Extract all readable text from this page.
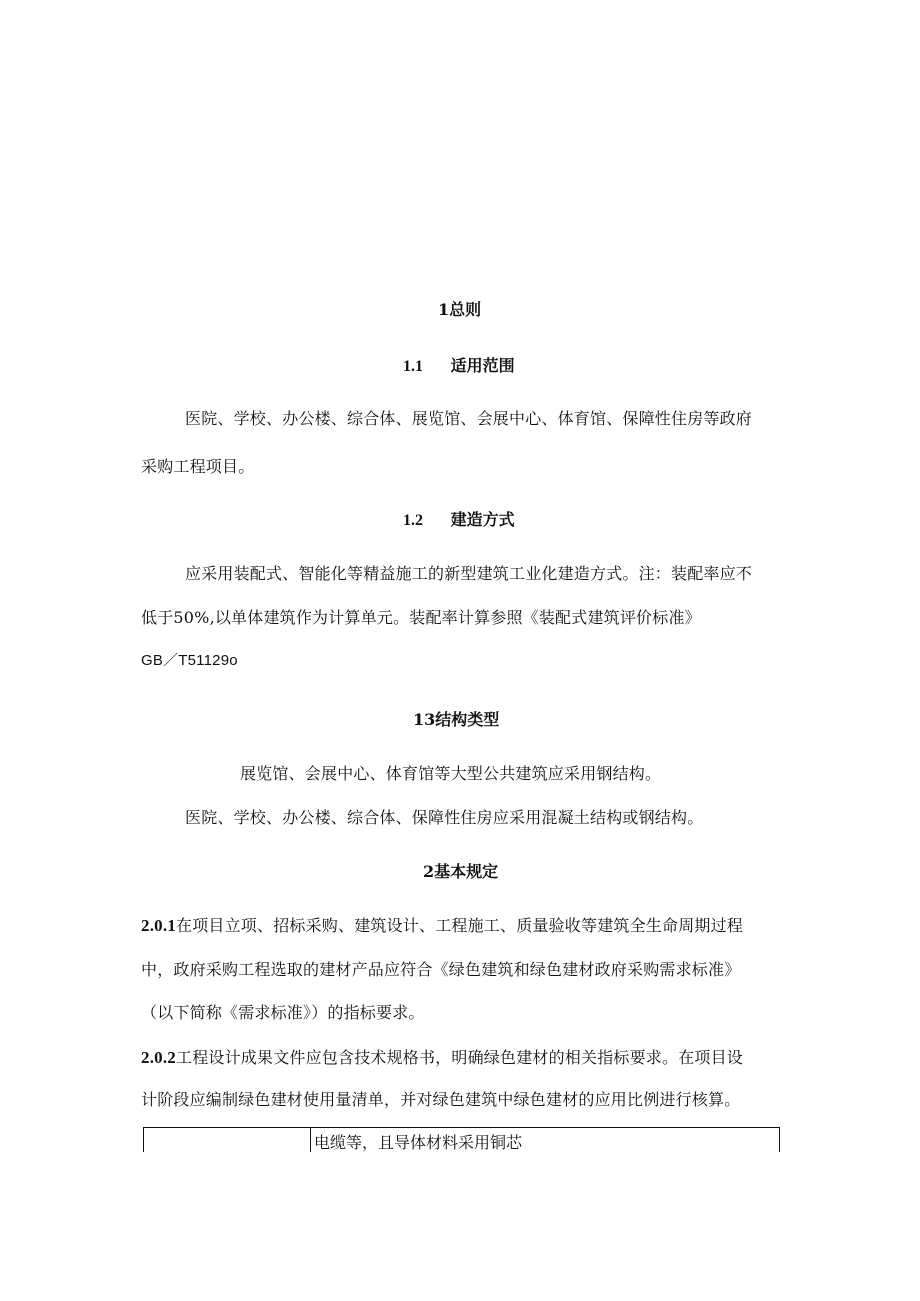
1总则
1.1 适用范围
医院、学校、办公楼、综合体、展览馆、会展中心、体育馆、保障性住房等政府
采购工程项目。
1.2 建造方式
应采用装配式、智能化等精益施工的新型建筑工业化建造方式。注：装配率应不
低于50%,以单体建筑作为计算单元。装配率计算参照《装配式建筑评价标准》
GB／T51129o
13结构类型
展览馆、会展中心、体育馆等大型公共建筑应采用钢结构。
医院、学校、办公楼、综合体、保障性住房应采用混凝土结构或钢结构。
2基本规定
2.0.1在项目立项、招标采购、建筑设计、工程施工、质量验收等建筑全生命周期过程
中，政府采购工程选取的建材产品应符合《绿色建筑和绿色建材政府采购需求标准》
（以下简称《需求标准》）的指标要求。
2.0.2工程设计成果文件应包含技术规格书，明确绿色建材的相关指标要求。在项目设
计阶段应编制绿色建材使用量清单，并对绿色建筑中绿色建材的应用比例进行核算。
电缆等，且导体材料采用铜芯
